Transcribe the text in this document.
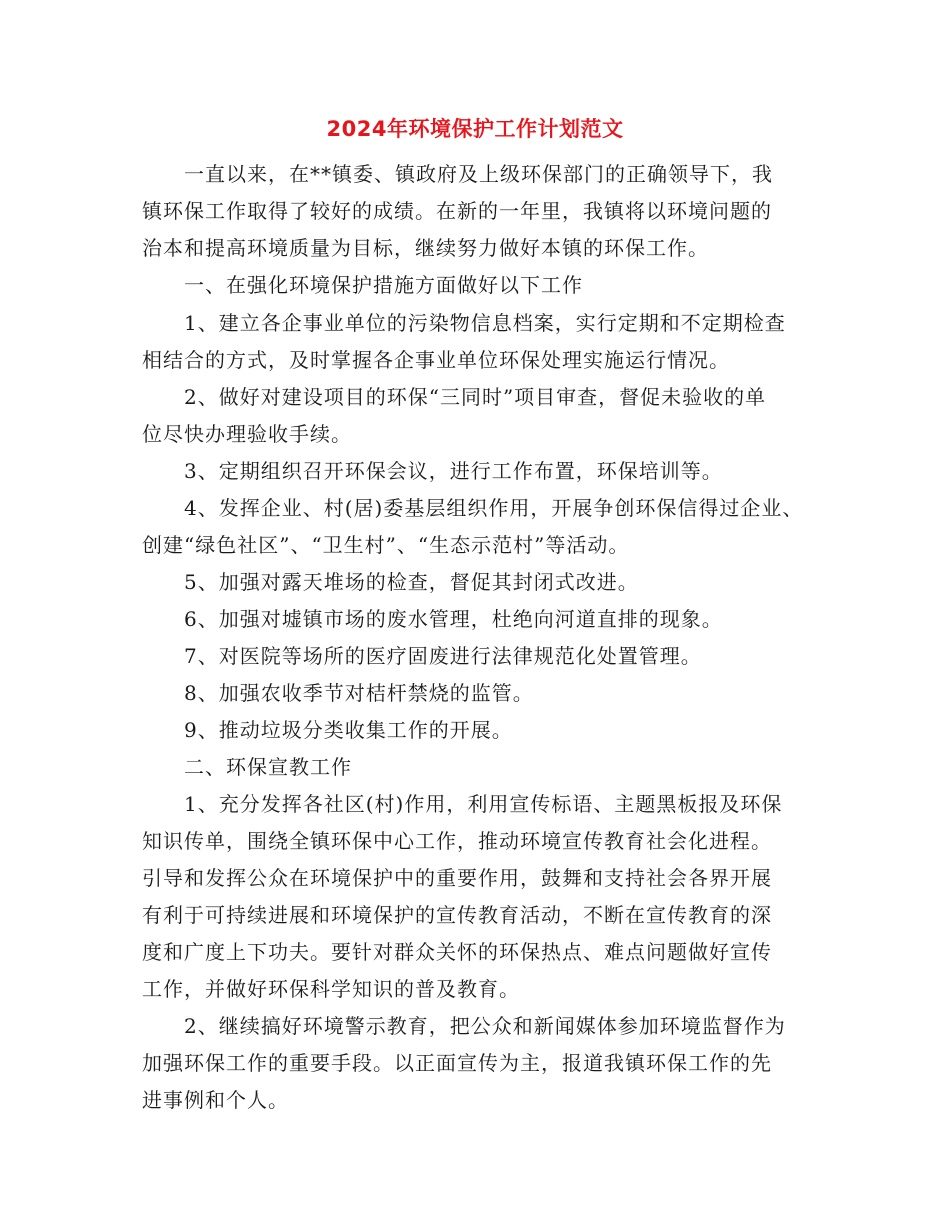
2024年环境保护工作计划范文
一直以来，在**镇委、镇政府及上级环保部门的正确领导下，我
镇环保工作取得了较好的成绩。在新的一年里，我镇将以环境问题的
治本和提高环境质量为目标，继续努力做好本镇的环保工作。
一、在强化环境保护措施方面做好以下工作
1、建立各企事业单位的污染物信息档案，实行定期和不定期检查
相结合的方式，及时掌握各企事业单位环保处理实施运行情况。
2、做好对建设项目的环保“三同时”项目审查，督促未验收的单
位尽快办理验收手续。
3、定期组织召开环保会议，进行工作布置，环保培训等。
4、发挥企业、村(居)委基层组织作用，开展争创环保信得过企业、
创建“绿色社区”、“卫生村”、“生态示范村”等活动。
5、加强对露天堆场的检查，督促其封闭式改进。
6、加强对墟镇市场的废水管理，杜绝向河道直排的现象。
7、对医院等场所的医疗固废进行法律规范化处置管理。
8、加强农收季节对桔杆禁烧的监管。
9、推动垃圾分类收集工作的开展。
二、环保宣教工作
1、充分发挥各社区(村)作用，利用宣传标语、主题黑板报及环保
知识传单，围绕全镇环保中心工作，推动环境宣传教育社会化进程。
引导和发挥公众在环境保护中的重要作用，鼓舞和支持社会各界开展
有利于可持续进展和环境保护的宣传教育活动，不断在宣传教育的深
度和广度上下功夫。要针对群众关怀的环保热点、难点问题做好宣传
工作，并做好环保科学知识的普及教育。
2、继续搞好环境警示教育，把公众和新闻媒体参加环境监督作为
加强环保工作的重要手段。以正面宣传为主，报道我镇环保工作的先
进事例和个人。
